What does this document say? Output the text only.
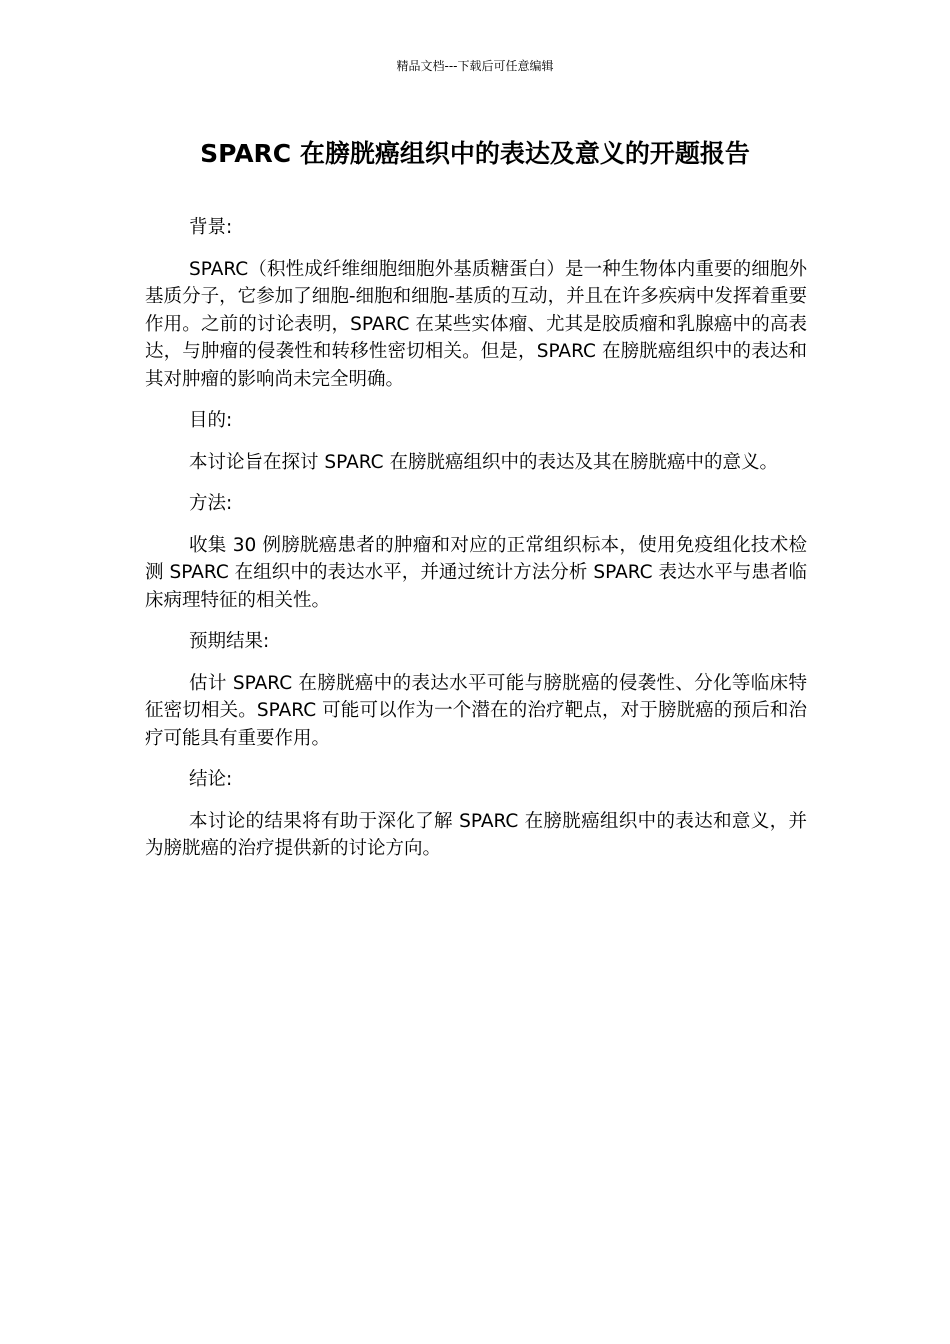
精品文档---下载后可任意编辑
SPARC 在膀胱癌组织中的表达及意义的开题报告

背景:

SPARC（积性成纤维细胞细胞外基质糖蛋白）是一种生物体内重要的细胞外基质分子，它参加了细胞-细胞和细胞-基质的互动，并且在许多疾病中发挥着重要作用。之前的讨论表明，SPARC 在某些实体瘤、尤其是胶质瘤和乳腺癌中的高表达，与肿瘤的侵袭性和转移性密切相关。但是，SPARC 在膀胱癌组织中的表达和其对肿瘤的影响尚未完全明确。

目的:

本讨论旨在探讨 SPARC 在膀胱癌组织中的表达及其在膀胱癌中的意义。

方法:

收集 30 例膀胱癌患者的肿瘤和对应的正常组织标本，使用免疫组化技术检测 SPARC 在组织中的表达水平，并通过统计方法分析 SPARC 表达水平与患者临床病理特征的相关性。

预期结果:

估计 SPARC 在膀胱癌中的表达水平可能与膀胱癌的侵袭性、分化等临床特征密切相关。SPARC 可能可以作为一个潜在的治疗靶点，对于膀胱癌的预后和治疗可能具有重要作用。

结论:

本讨论的结果将有助于深化了解 SPARC 在膀胱癌组织中的表达和意义，并为膀胱癌的治疗提供新的讨论方向。
